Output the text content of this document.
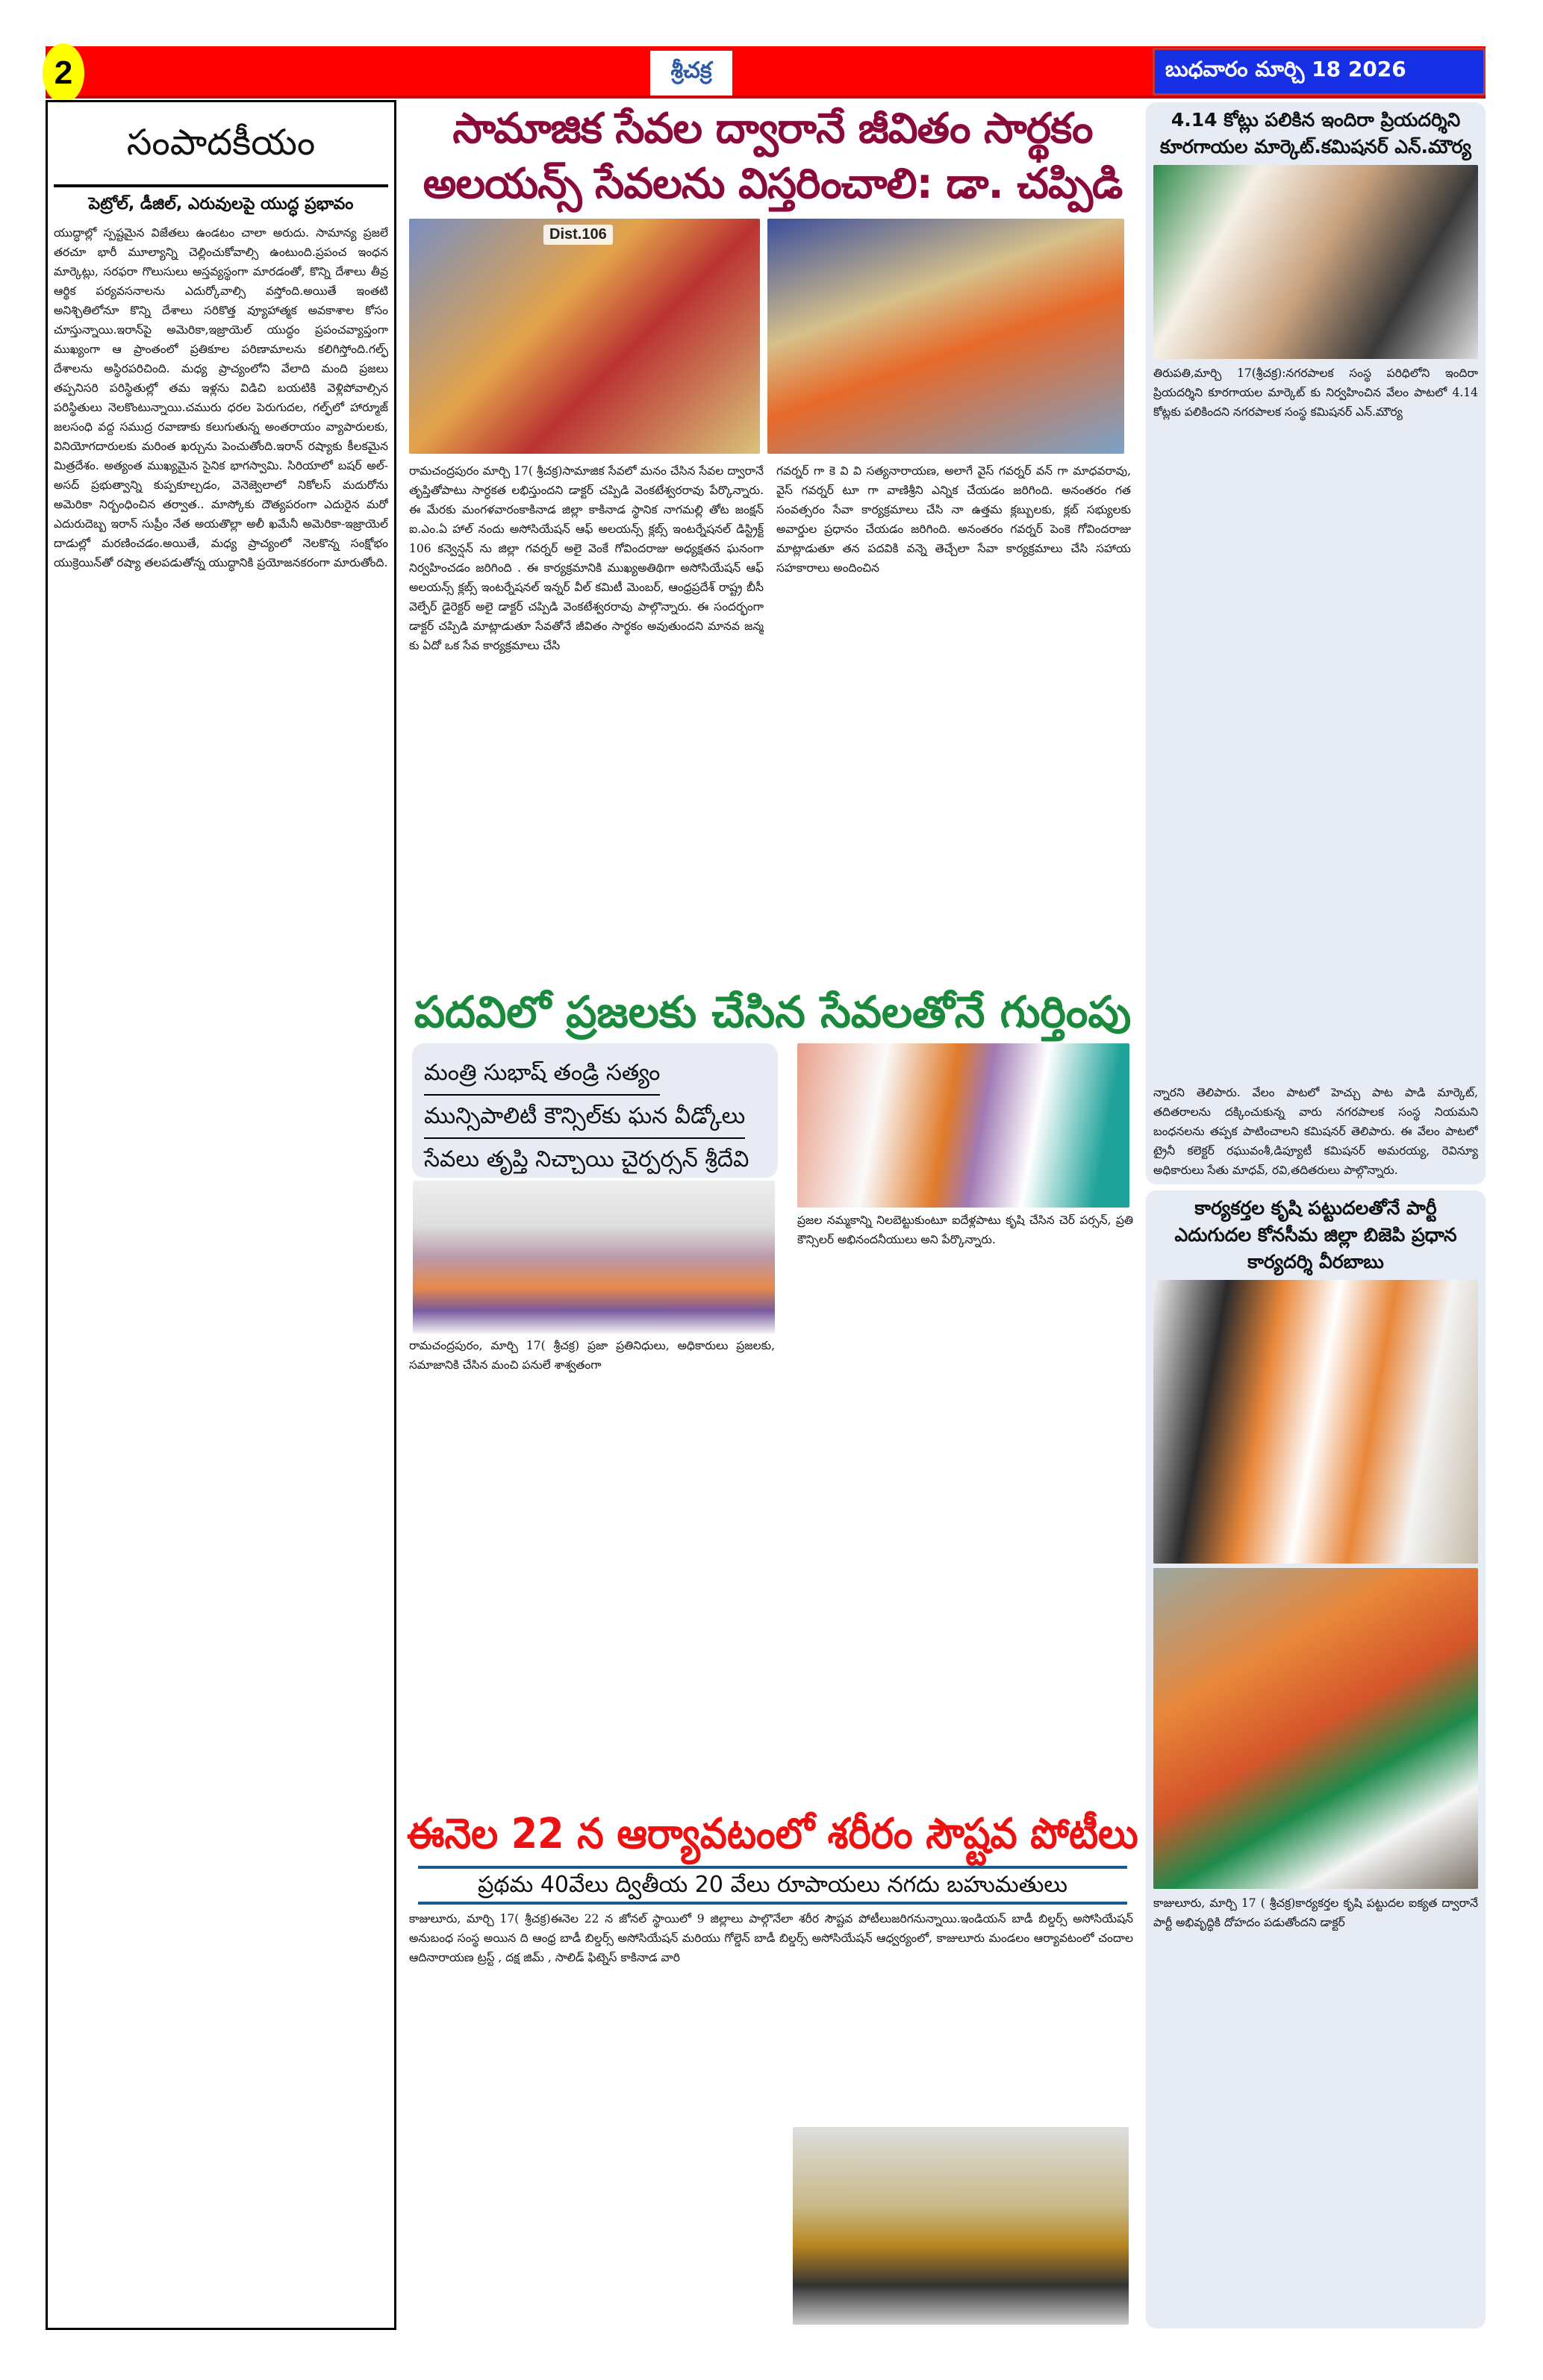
2	శ్రీచక్ర	బుధవారం మార్చి 18 2026
సంపాదకీయం
పెట్రోల్, డీజిల్, ఎరువులపై యుద్ధ ప్రభావం
యుద్ధాల్లో స్పష్టమైన విజేతలు ఉండటం చాలా అరుదు. సామాన్య ప్రజలే తరచూ భారీ మూల్యాన్ని చెల్లించుకోవాల్సి ఉంటుంది.ప్రపంచ ఇంధన మార్కెట్లు, సరఫరా గొలుసులు అస్తవ్యస్థంగా మారడంతో, కొన్ని దేశాలు తీవ్ర ఆర్థిక పర్యవసనాలను ఎదుర్కోవాల్సి వస్తోంది.అయితే ఇంతటి అనిశ్చితిలోనూ కొన్ని దేశాలు సరికొత్త వ్యూహాత్మక అవకాశాల కోసం చూస్తున్నాయి.ఇరాన్‌పై అమెరికా,ఇజ్రాయెల్ యుద్ధం ప్రపంచవ్యాప్తంగా ముఖ్యంగా ఆ ప్రాంతంలో ప్రతికూల పరిణామాలను కలిగిస్తోంది.గల్ఫ్ దేశాలను అస్థిరపరిచింది. మధ్య ప్రాచ్యంలోని వేలాది మంది ప్రజలు తప్పనిసరి పరిస్థితుల్లో తమ ఇళ్లను విడిచి బయటికి వెళ్లిపోవాల్సిన పరిస్థితులు నెలకొంటున్నాయి.చమురు ధరల పెరుగుదల, గల్ఫ్‌లో హార్మూజ్ జలసంధి వద్ద సముద్ర రవాణాకు కలుగుతున్న అంతరాయం వ్యాపారులకు, వినియోగదారులకు మరింత ఖర్చును పెంచుతోంది.ఇరాన్ రష్యాకు కీలకమైన మిత్రదేశం. అత్యంత ముఖ్యమైన సైనిక భాగస్వామి. సిరియాలో బషర్ అల్-అసద్ ప్రభుత్వాన్ని కుప్పకూల్చడం, వెనెజ్వెలాలో నికోలస్ మదురోను అమెరికా నిర్బంధించిన తర్వాత.. మాస్కోకు దౌత్యపరంగా ఎదురైన మరో ఎదురుదెబ్బ ఇరాన్ సుప్రీం నేత అయతొల్లా అలీ ఖమేనీ అమెరికా-ఇజ్రాయెల్ దాడుల్లో మరణించడం.అయితే, మధ్య ప్రాచ్యంలో నెలకొన్న సంక్షోభం యుక్రెయిన్‌తో రష్యా తలపడుతోన్న యుద్ధానికి ప్రయోజనకరంగా మారుతోంది.
సామాజిక సేవల ద్వారానే జీవితం సార్థకం
అలయన్స్ సేవలను విస్తరించాలి: డా. చప్పిడి
Dist.106
రామచంద్రపురం మార్చి 17( శ్రీచక్ర)సామాజిక సేవలో మనం చేసిన సేవల ద్వారానే తృప్తితోపాటు సార్ధకత లభిస్తుందని డాక్టర్ చప్పిడి వెంకటేశ్వరరావు పేర్కొన్నారు. ఈ మేరకు మంగళవారంకాకినాడ జిల్లా కాకినాడ స్థానిక నాగమల్లి తోట జంక్షన్ ఐ.ఎం.ఏ హాల్ నందు అసోసియేషన్ ఆఫ్ అలయన్స్ క్లబ్స్ ఇంటర్నేషనల్ డిస్ట్రిక్ట్ 106 కన్వెన్షన్ ను జిల్లా గవర్నర్ అలై వెంకే గోవిందరాజు అధ్యక్షతన ఘనంగా నిర్వహించడం జరిగింది . ఈ కార్యక్రమానికి ముఖ్యఅతిథిగా అసోసియేషన్ ఆఫ్ అలయన్స్ క్లబ్స్ ఇంటర్నేషనల్ ఇన్నర్ వీల్ కమిటీ మెంబర్, ఆంధ్రప్రదేశ్ రాష్ట్ర బీసీ వెల్ఫేర్ డైరెక్టర్ అలై డాక్టర్ చప్పిడి వెంకటేశ్వరరావు పాల్గొన్నారు. ఈ సందర్భంగా డాక్టర్ చప్పిడి మాట్లాడుతూ సేవతోనే జీవితం సార్థకం అవుతుందని మానవ జన్మ కు ఏదో ఒక సేవ కార్యక్రమాలు చేసి
గవర్నర్ గా కె వి వి సత్యనారాయణ, అలాగే వైస్ గవర్నర్ వన్ గా మాధవరావు, వైస్ గవర్నర్ టూ గా వాణిశ్రీని ఎన్నిక చేయడం జరిగింది. అనంతరం గత సంవత్సరం సేవా కార్యక్రమాలు చేసి నా ఉత్తమ క్లబ్బులకు, క్లబ్ సభ్యులకు అవార్డుల ప్రధానం చేయడం జరిగింది. అనంతరం గవర్నర్ పెంకె గోవిందరాజు మాట్లాడుతూ తన పదవికి వన్నె తెచ్చేలా సేవా కార్యక్రమాలు చేసి సహాయ సహకారాలు అందించిన
పదవిలో ప్రజలకు చేసిన సేవలతోనే గుర్తింపు
మంత్రి సుభాష్ తండ్రి సత్యం
మున్సిపాలిటీ కౌన్సిల్‌కు ఘన వీడ్కోలు
సేవలు తృప్తి నిచ్చాయి చైర్పర్సన్ శ్రీదేవి
రామచంద్రపురం, మార్చి 17( శ్రీచక్ర) ప్రజా ప్రతినిధులు, అధికారులు ప్రజలకు, సమాజానికి చేసిన మంచి పనులే శాశ్వతంగా
ప్రజల నమ్మకాన్ని నిలబెట్టుకుంటూ ఐదేళ్లపాటు కృషి చేసిన చెర్ పర్సన్, ప్రతి కౌన్సిలర్ అభినందనీయులు అని పేర్కొన్నారు.
ఈనెల 22 న ఆర్యావటంలో శరీరం సౌష్టవ పోటీలు
ప్రథమ 40వేలు ద్వితీయ 20 వేలు రూపాయలు నగదు బహుమతులు
కాజులూరు, మార్చి 17( శ్రీచక్ర)ఈనెల 22 న జోనల్ స్థాయిలో 9 జిల్లాలు పాల్గొనేలా శరీర సౌష్టవ పోటీలుజరిగనున్నాయి.ఇండియన్ బాడీ బిల్డర్స్ అసోసియేషన్ అనుబంధ సంస్థ అయిన ది ఆంధ్ర బాడీ బిల్డర్స్ అసోసియేషన్ మరియు గోల్డెన్ బాడీ బిల్డర్స్ అసోసియేషన్ ఆధ్వర్యంలో, కాజులూరు మండలం ఆర్యావటంలో చందాల ఆదినారాయణ ట్రస్ట్ , దక్ష జిమ్ , సాలిడ్ ఫిట్నెస్ కాకినాడ వారి
4.14 కోట్లు పలికిన ఇందిరా ప్రియదర్శిని కూరగాయల మార్కెట్.కమిషనర్ ఎన్.మౌర్య
తిరుపతి,మార్చి 17(శ్రీచక్ర):నగరపాలక సంస్థ పరిధిలోని ఇందిరా ప్రియదర్శిని కూరగాయల మార్కెట్ కు నిర్వహించిన వేలం పాటలో 4.14 కోట్లకు పలికిందని నగరపాలక సంస్థ కమిషనర్ ఎన్.మౌర్య
న్నారని తెలిపారు. వేలం పాటలో హెచ్చు పాట పాడి మార్కెట్, తదితరాలను దక్కించుకున్న వారు నగరపాలక సంస్థ నియమని బంధనలను తప్పక పాటించాలని కమిషనర్ తెలిపారు. ఈ వేలం పాటలో ట్రైనీ కలెక్టర్ రఘువంశీ,డిప్యూటీ కమిషనర్ అమరయ్య, రెవిన్యూ అధికారులు సేతు మాధవ్, రవి,తదితరులు పాల్గొన్నారు.
కార్యకర్తల కృషి పట్టుదలతోనే పార్టీ ఎదుగుదల కోనసీమ జిల్లా బిజెపి ప్రధాన కార్యదర్శి వీరబాబు
కాజులూరు, మార్చి 17 ( శ్రీచక్ర)కార్యకర్తల కృషి పట్టుదల ఐక్యత ద్వారానే పార్టీ అభివృద్ధికి దోహదం పడుతోందని డాక్టర్
